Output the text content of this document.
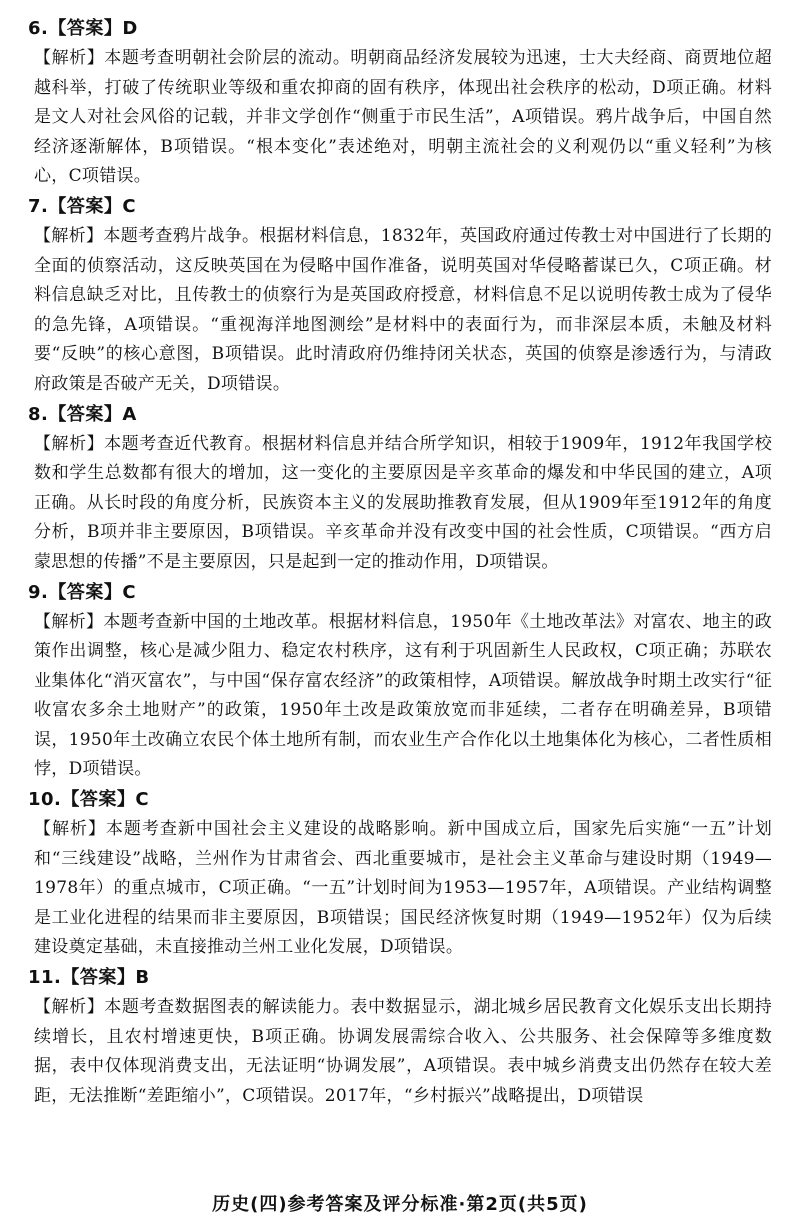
6.【答案】D

【解析】本题考查明朝社会阶层的流动。明朝商品经济发展较为迅速，士大夫经商、商贾地位超越科举，打破了传统职业等级和重农抑商的固有秩序，体现出社会秩序的松动，D项正确。材料是文人对社会风俗的记载，并非文学创作“侧重于市民生活”，A项错误。鸦片战争后，中国自然经济逐渐解体，B项错误。“根本变化”表述绝对，明朝主流社会的义利观仍以“重义轻利”为核心，C项错误。

7.【答案】C

【解析】本题考查鸦片战争。根据材料信息，1832年，英国政府通过传教士对中国进行了长期的全面的侦察活动，这反映英国在为侵略中国作准备，说明英国对华侵略蓄谋已久，C项正确。材料信息缺乏对比，且传教士的侦察行为是英国政府授意，材料信息不足以说明传教士成为了侵华的急先锋，A项错误。“重视海洋地图测绘”是材料中的表面行为，而非深层本质，未触及材料要“反映”的核心意图，B项错误。此时清政府仍维持闭关状态，英国的侦察是渗透行为，与清政府政策是否破产无关，D项错误。

8.【答案】A

【解析】本题考查近代教育。根据材料信息并结合所学知识，相较于1909年，1912年我国学校数和学生总数都有很大的增加，这一变化的主要原因是辛亥革命的爆发和中华民国的建立，A项正确。从长时段的角度分析，民族资本主义的发展助推教育发展，但从1909年至1912年的角度分析，B项并非主要原因，B项错误。辛亥革命并没有改变中国的社会性质，C项错误。“西方启蒙思想的传播”不是主要原因，只是起到一定的推动作用，D项错误。

9.【答案】C

【解析】本题考查新中国的土地改革。根据材料信息，1950年《土地改革法》对富农、地主的政策作出调整，核心是减少阻力、稳定农村秩序，这有利于巩固新生人民政权，C项正确；苏联农业集体化“消灭富农”，与中国“保存富农经济”的政策相悖，A项错误。解放战争时期土改实行“征收富农多余土地财产”的政策，1950年土改是政策放宽而非延续，二者存在明确差异，B项错误，1950年土改确立农民个体土地所有制，而农业生产合作化以土地集体化为核心，二者性质相悖，D项错误。

10.【答案】C

【解析】本题考查新中国社会主义建设的战略影响。新中国成立后，国家先后实施“一五”计划和“三线建设”战略，兰州作为甘肃省会、西北重要城市，是社会主义革命与建设时期（1949—1978年）的重点城市，C项正确。“一五”计划时间为1953—1957年，A项错误。产业结构调整是工业化进程的结果而非主要原因，B项错误；国民经济恢复时期（1949—1952年）仅为后续建设奠定基础，未直接推动兰州工业化发展，D项错误。

11.【答案】B

【解析】本题考查数据图表的解读能力。表中数据显示，湖北城乡居民教育文化娱乐支出长期持续增长，且农村增速更快，B项正确。协调发展需综合收入、公共服务、社会保障等多维度数据，表中仅体现消费支出，无法证明“协调发展”，A项错误。表中城乡消费支出仍然存在较大差距，无法推断“差距缩小”，C项错误。2017年，“乡村振兴”战略提出，D项错误

历史(四)参考答案及评分标准·第2页(共5页)
